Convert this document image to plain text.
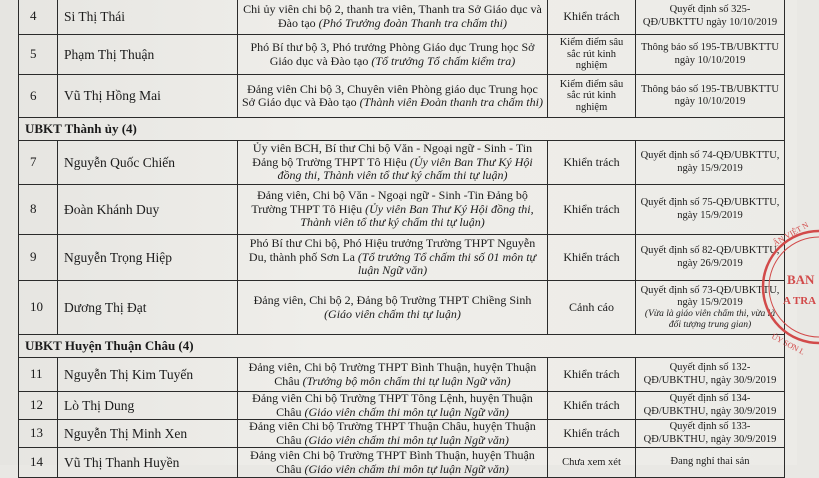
4	Si Thị Thái	Chi ủy viên chi bộ 2, thanh tra viên, Thanh tra Sở Giáo dục và Đào tạo (Phó Trưởng đoàn Thanh tra chấm thi)	Khiển trách	Quyết định số 325-QĐ/UBKTTU ngày 10/10/2019
5	Phạm Thị Thuận	Phó Bí thư bộ 3, Phó trưởng Phòng Giáo dục Trung học Sở Giáo dục và Đào tạo (Tổ trưởng Tổ chấm kiểm tra)	Kiểm điểm sâu sắc rút kinh nghiệm	Thông báo số 195-TB/UBKTTU ngày 10/10/2019
6	Vũ Thị Hồng Mai	Đảng viên Chi bộ 3, Chuyên viên Phòng giáo dục Trung học Sở Giáo dục và Đào tạo (Thành viên Đoàn thanh tra chấm thi)	Kiểm điểm sâu sắc rút kinh nghiệm	Thông báo số 195-TB/UBKTTU ngày 10/10/2019
UBKT Thành ủy (4)				
7	Nguyễn Quốc Chiến	Ủy viên BCH, Bí thư Chi bộ Văn - Ngoại ngữ - Sinh - Tin Đảng bộ Trường THPT Tô Hiệu (Ủy viên Ban Thư Ký Hội đồng thi, Thành viên tổ thư ký chấm thi tự luận)	Khiển trách	Quyết định số 74-QĐ/UBKTTU, ngày 15/9/2019
8	Đoàn Khánh Duy	Đảng viên, Chi bộ Văn - Ngoại ngữ - Sinh -Tin Đảng bộ Trường THPT Tô Hiệu (Ủy viên Ban Thư Ký Hội đồng thi, Thành viên tổ thư ký chấm thi tự luận)	Khiển trách	Quyết định số 75-QĐ/UBKTTU, ngày 15/9/2019
9	Nguyễn Trọng Hiệp	Phó Bí thư Chi bộ, Phó Hiệu trưởng Trường THPT Nguyễn Du, thành phố Sơn La (Tổ trưởng Tổ chấm thi số 01 môn tự luận Ngữ văn)	Khiển trách	Quyết định số 82-QĐ/UBKTTU, ngày 26/9/2019
10	Dương Thị Đạt	Đảng viên, Chi bộ 2, Đảng bộ Trường THPT Chiềng Sinh (Giáo viên chấm thi tự luận)	Cảnh cáo	Quyết định số 73-QĐ/UBKTTU, ngày 15/9/2019
(Vừa là giáo viên chấm thi, vừa là đối tượng trung gian)

UBKT Huyện Thuận Châu (4)				
11	Nguyễn Thị Kim Tuyến	Đảng viên, Chi bộ Trường THPT Bình Thuận, huyện Thuận Châu (Trưởng bộ môn chấm thi tự luận Ngữ văn)	Khiển trách	Quyết định số 132-QĐ/UBKTHU, ngày 30/9/2019
12	Lò Thị Dung	Đảng viên Chi bộ Trường THPT Tông Lệnh, huyện Thuận Châu (Giáo viên chấm thi môn tự luận Ngữ văn)	Khiển trách	Quyết định số 134-QĐ/UBKTHU, ngày 30/9/2019
13	Nguyễn Thị Minh Xen	Đảng viên Chi bộ Trường THPT Thuận Châu, huyện Thuận Châu (Giáo viên chấm thi môn tự luận Ngữ văn)	Khiển trách	Quyết định số 133-QĐ/UBKTHU, ngày 30/9/2019
14	Vũ Thị Thanh Huyền	Đảng viên Chi bộ Trường THPT Bình Thuận, huyện Thuận Châu (Giáo viên chấm thi môn tự luận Ngữ văn)	Chưa xem xét	Đang nghỉ thai sản
ẬN VIỆT N
BAN
A TRA
ỦY SƠN L
